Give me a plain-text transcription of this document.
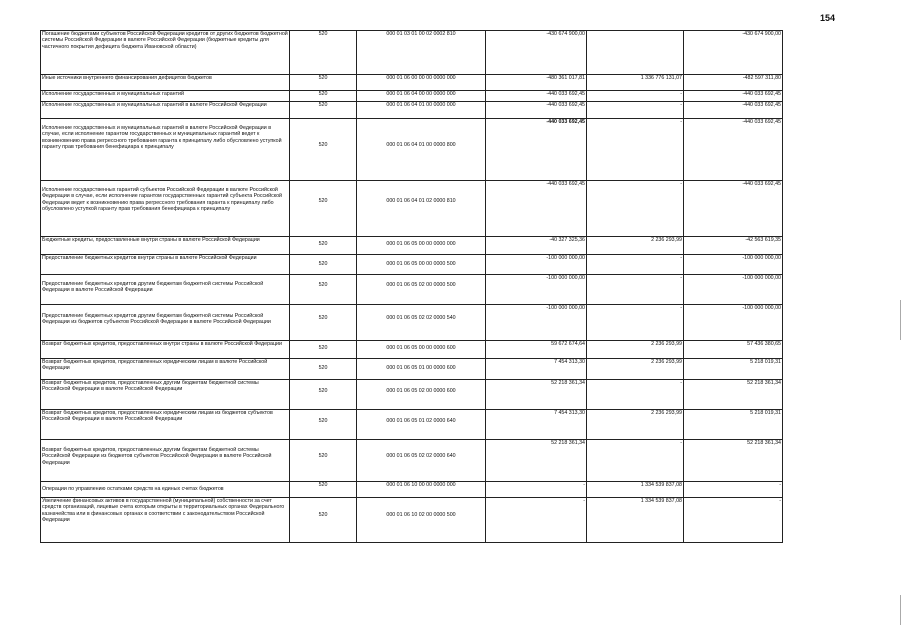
154
Погашение бюджетами субъектов Российской Федерации кредитов от других бюджетов бюджетной системы Российской Федерации в валюте Российской Федерации (бюджетные кредиты для частичного покрытия дефицита бюджета Ивановской области)	520	000 01 03 01 00 02 0002 810	-430 674 900,00		-430 674 900,00
Иные источники внутреннего финансирования дефицитов бюджетов	520	000 01 06 00 00 00 0000 000	-480 361 017,81	1 336 776 131,07	-482 597 311,80
Исполнение государственных и муниципальных гарантий	520	000 01 06 04 00 00 0000 000	-440 033 692,45	-	-440 033 692,45
Исполнение государственных и муниципальных гарантий в валюте Российской Федерации	520	000 01 06 04 01 00 0000 000	-440 033 692,45	-	-440 033 692,45
Исполнение государственных и муниципальных гарантий в валюте Российской Федерации в случае, если исполнение гарантом государственных и муниципальных гарантий ведет к возникновению права регрессного требования гаранта к принципалу либо обусловлено уступкой гаранту прав требования бенефициара к принципалу	520	000 01 06 04 01 00 0000 800	-440 033 692,45	-	-440 033 692,45
Исполнение государственных гарантий субъектов Российской Федерации в валюте Российской Федерации в случае, если исполнение гарантом государственных гарантий субъекта Российской Федерации ведет к возникновению права регрессного требования гаранта к принципалу либо обусловлено уступкой гаранту прав требования бенефициара к принципалу	520	000 01 06 04 01 02 0000 810	-440 033 692,45	-	-440 033 692,45
Бюджетные кредиты, предоставленные внутри страны в валюте Российской Федерации	520	000 01 06 05 00 00 0000 000	-40 327 325,36	2 236 293,99	-42 563 619,35
Предоставление бюджетных кредитов внутри страны в валюте Российской Федерации	520	000 01 06 05 00 00 0000 500	-100 000 000,00	-	-100 000 000,00
Предоставление бюджетных кредитов другим бюджетам бюджетной системы Российской Федерации в валюте Российской Федерации	520	000 01 06 05 02 00 0000 500	-100 000 000,00	-	-100 000 000,00
Предоставление бюджетных кредитов другим бюджетам бюджетной системы Российской Федерации из бюджетов субъектов Российской Федерации в валюте Российской Федерации	520	000 01 06 05 02 02 0000 540	-100 000 000,00	-	-100 000 000,00
Возврат бюджетных кредитов, предоставленных внутри страны в валюте Российской Федерации	520	000 01 06 05 00 00 0000 600	59 672 674,64	2 236 293,99	57 436 380,65
Возврат бюджетных кредитов, предоставленных юридическим лицам в валюте Российской Федерации	520	000 01 06 05 01 00 0000 600	7 454 313,30	2 236 293,99	5 218 019,31
Возврат бюджетных кредитов, предоставленных другим бюджетам бюджетной системы Российской Федерации в валюте Российской Федерации	520	000 01 06 05 02 00 0000 600	52 218 361,34	-	52 218 361,34
Возврат бюджетных кредитов, предоставленных юридическим лицам из бюджетов субъектов Российской Федерации в валюте Российской Федерации	520	000 01 06 05 01 02 0000 640	7 454 313,30	2 236 293,99	5 218 019,31
Возврат бюджетных кредитов, предоставленных другим бюджетам бюджетной системы Российской Федерации из бюджетов субъектов Российской Федерации в валюте Российской Федерации	520	000 01 06 05 02 02 0000 640	52 218 361,34	-	52 218 361,34
Операции по управлению остатками средств на единых счетах бюджетов	520	000 01 06 10 00 00 0000 000	-	1 334 539 837,08	-
Увеличение финансовых активов в государственной (муниципальной) собственности за счет средств организаций, лицевые счета которым открыты в территориальных органах Федерального казначейства или в финансовых органах в соответствии с законодательством Российской Федерации	520	000 01 06 10 02 00 0000 500	-	1 334 539 837,08	-
